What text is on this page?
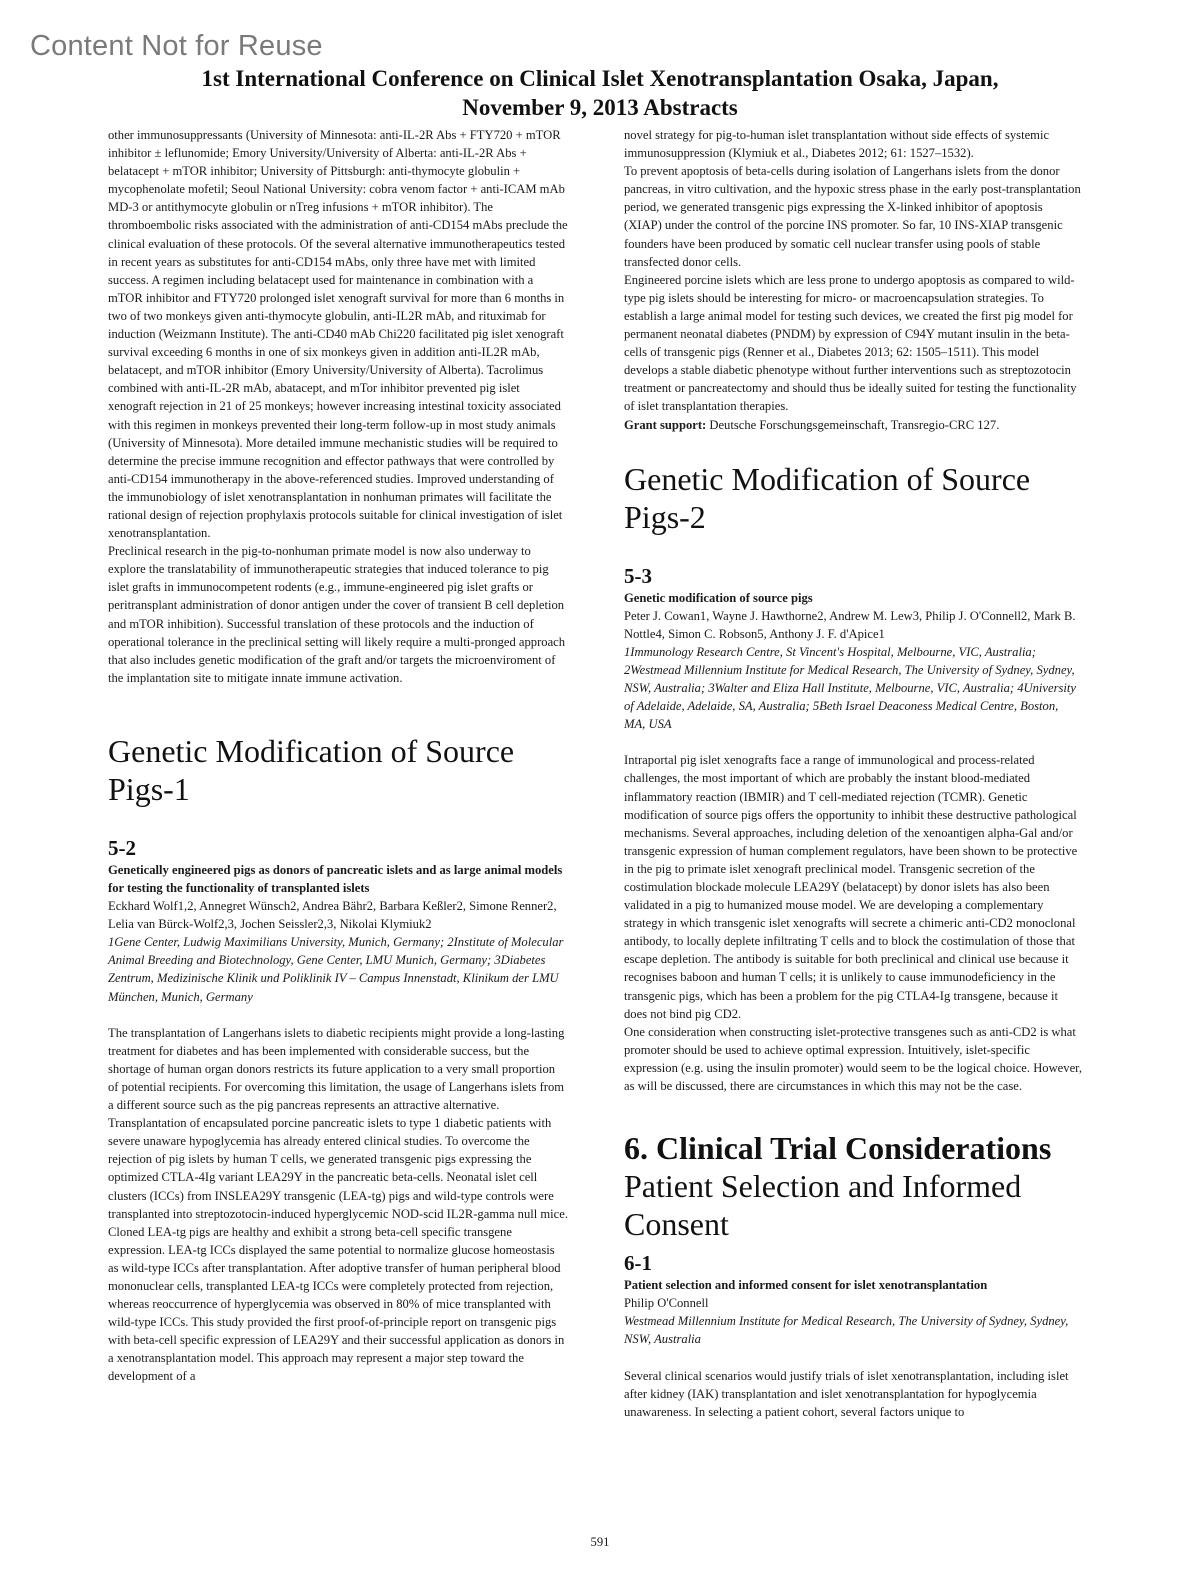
Content Not for Reuse
1st International Conference on Clinical Islet Xenotransplantation Osaka, Japan,
November 9, 2013 Abstracts

other immunosuppressants (University of Minnesota: anti-IL-2R Abs + FTY720 + mTOR inhibitor ± leflunomide; Emory University/University of Alberta: anti-IL-2R Abs + belatacept + mTOR inhibitor; University of Pittsburgh: anti-thymocyte globulin + mycophenolate mofetil; Seoul National University: cobra venom factor + anti-ICAM mAb MD-3 or antithymocyte globulin or nTreg infusions + mTOR inhibitor). The thromboembolic risks associated with the administration of anti-CD154 mAbs preclude the clinical evaluation of these protocols. Of the several alternative immunotherapeutics tested in recent years as substitutes for anti-CD154 mAbs, only three have met with limited success. A regimen including belatacept used for maintenance in combination with a mTOR inhibitor and FTY720 prolonged islet xenograft survival for more than 6 months in two of two monkeys given anti-thymocyte globulin, anti-IL2R mAb, and rituximab for induction (Weizmann Institute). The anti-CD40 mAb Chi220 facilitated pig islet xenograft survival exceeding 6 months in one of six monkeys given in addition anti-IL2R mAb, belatacept, and mTOR inhibitor (Emory University/University of Alberta). Tacrolimus combined with anti-IL-2R mAb, abatacept, and mTor inhibitor prevented pig islet xenograft rejection in 21 of 25 monkeys; however increasing intestinal toxicity associated with this regimen in monkeys prevented their long-term follow-up in most study animals (University of Minnesota). More detailed immune mechanistic studies will be required to determine the precise immune recognition and effector pathways that were controlled by anti-CD154 immunotherapy in the above-referenced studies. Improved understanding of the immunobiology of islet xenotransplantation in nonhuman primates will facilitate the rational design of rejection prophylaxis protocols suitable for clinical investigation of islet xenotransplantation.

Preclinical research in the pig-to-nonhuman primate model is now also underway to explore the translatability of immunotherapeutic strategies that induced tolerance to pig islet grafts in immunocompetent rodents (e.g., immune-engineered pig islet grafts or peritransplant administration of donor antigen under the cover of transient B cell depletion and mTOR inhibition). Successful translation of these protocols and the induction of operational tolerance in the preclinical setting will likely require a multi-pronged approach that also includes genetic modification of the graft and/or targets the microenviroment of the implantation site to mitigate innate immune activation.

Genetic Modification of Source Pigs-1
5-2

Genetically engineered pigs as donors of pancreatic islets and as large animal models for testing the functionality of transplanted islets

Eckhard Wolf1,2, Annegret Wünsch2, Andrea Bähr2, Barbara Keßler2, Simone Renner2, Lelia van Bürck-Wolf2,3, Jochen Seissler2,3, Nikolai Klymiuk2

1Gene Center, Ludwig Maximilians University, Munich, Germany; 2Institute of Molecular Animal Breeding and Biotechnology, Gene Center, LMU Munich, Germany; 3Diabetes Zentrum, Medizinische Klinik und Poliklinik IV – Campus Innenstadt, Klinikum der LMU München, Munich, Germany

The transplantation of Langerhans islets to diabetic recipients might provide a long-lasting treatment for diabetes and has been implemented with considerable success, but the shortage of human organ donors restricts its future application to a very small proportion of potential recipients. For overcoming this limitation, the usage of Langerhans islets from a different source such as the pig pancreas represents an attractive alternative. Transplantation of encapsulated porcine pancreatic islets to type 1 diabetic patients with severe unaware hypoglycemia has already entered clinical studies. To overcome the rejection of pig islets by human T cells, we generated transgenic pigs expressing the optimized CTLA-4Ig variant LEA29Y in the pancreatic beta-cells. Neonatal islet cell clusters (ICCs) from INSLEA29Y transgenic (LEA-tg) pigs and wild-type controls were transplanted into streptozotocin-induced hyperglycemic NOD-scid IL2R-gamma null mice. Cloned LEA-tg pigs are healthy and exhibit a strong beta-cell specific transgene expression. LEA-tg ICCs displayed the same potential to normalize glucose homeostasis as wild-type ICCs after transplantation. After adoptive transfer of human peripheral blood mononuclear cells, transplanted LEA-tg ICCs were completely protected from rejection, whereas reoccurrence of hyperglycemia was observed in 80% of mice transplanted with wild-type ICCs. This study provided the first proof-of-principle report on transgenic pigs with beta-cell specific expression of LEA29Y and their successful application as donors in a xenotransplantation model. This approach may represent a major step toward the development of a

novel strategy for pig-to-human islet transplantation without side effects of systemic immunosuppression (Klymiuk et al., Diabetes 2012; 61: 1527–1532).

To prevent apoptosis of beta-cells during isolation of Langerhans islets from the donor pancreas, in vitro cultivation, and the hypoxic stress phase in the early post-transplantation period, we generated transgenic pigs expressing the X-linked inhibitor of apoptosis (XIAP) under the control of the porcine INS promoter. So far, 10 INS-XIAP transgenic founders have been produced by somatic cell nuclear transfer using pools of stable transfected donor cells.

Engineered porcine islets which are less prone to undergo apoptosis as compared to wild-type pig islets should be interesting for micro- or macroencapsulation strategies. To establish a large animal model for testing such devices, we created the first pig model for permanent neonatal diabetes (PNDM) by expression of C94Y mutant insulin in the beta-cells of transgenic pigs (Renner et al., Diabetes 2013; 62: 1505–1511). This model develops a stable diabetic phenotype without further interventions such as streptozotocin treatment or pancreatectomy and should thus be ideally suited for testing the functionality of islet transplantation therapies.

Grant support: Deutsche Forschungsgemeinschaft, Transregio-CRC 127.

Genetic Modification of Source Pigs-2
5-3

Genetic modification of source pigs

Peter J. Cowan1, Wayne J. Hawthorne2, Andrew M. Lew3, Philip J. O'Connell2, Mark B. Nottle4, Simon C. Robson5, Anthony J. F. d'Apice1

1Immunology Research Centre, St Vincent's Hospital, Melbourne, VIC, Australia; 2Westmead Millennium Institute for Medical Research, The University of Sydney, Sydney, NSW, Australia; 3Walter and Eliza Hall Institute, Melbourne, VIC, Australia; 4University of Adelaide, Adelaide, SA, Australia; 5Beth Israel Deaconess Medical Centre, Boston, MA, USA

Intraportal pig islet xenografts face a range of immunological and process-related challenges, the most important of which are probably the instant blood-mediated inflammatory reaction (IBMIR) and T cell-mediated rejection (TCMR). Genetic modification of source pigs offers the opportunity to inhibit these destructive pathological mechanisms. Several approaches, including deletion of the xenoantigen alpha-Gal and/or transgenic expression of human complement regulators, have been shown to be protective in the pig to primate islet xenograft preclinical model. Transgenic secretion of the costimulation blockade molecule LEA29Y (belatacept) by donor islets has also been validated in a pig to humanized mouse model. We are developing a complementary strategy in which transgenic islet xenografts will secrete a chimeric anti-CD2 monoclonal antibody, to locally deplete infiltrating T cells and to block the costimulation of those that escape depletion. The antibody is suitable for both preclinical and clinical use because it recognises baboon and human T cells; it is unlikely to cause immunodeficiency in the transgenic pigs, which has been a problem for the pig CTLA4-Ig transgene, because it does not bind pig CD2.

One consideration when constructing islet-protective transgenes such as anti-CD2 is what promoter should be used to achieve optimal expression. Intuitively, islet-specific expression (e.g. using the insulin promoter) would seem to be the logical choice. However, as will be discussed, there are circumstances in which this may not be the case.

6. Clinical Trial Considerations
Patient Selection and Informed Consent
6-1

Patient selection and informed consent for islet xenotransplantation

Philip O'Connell

Westmead Millennium Institute for Medical Research, The University of Sydney, Sydney, NSW, Australia

Several clinical scenarios would justify trials of islet xenotransplantation, including islet after kidney (IAK) transplantation and islet xenotransplantation for hypoglycemia unawareness. In selecting a patient cohort, several factors unique to

591
